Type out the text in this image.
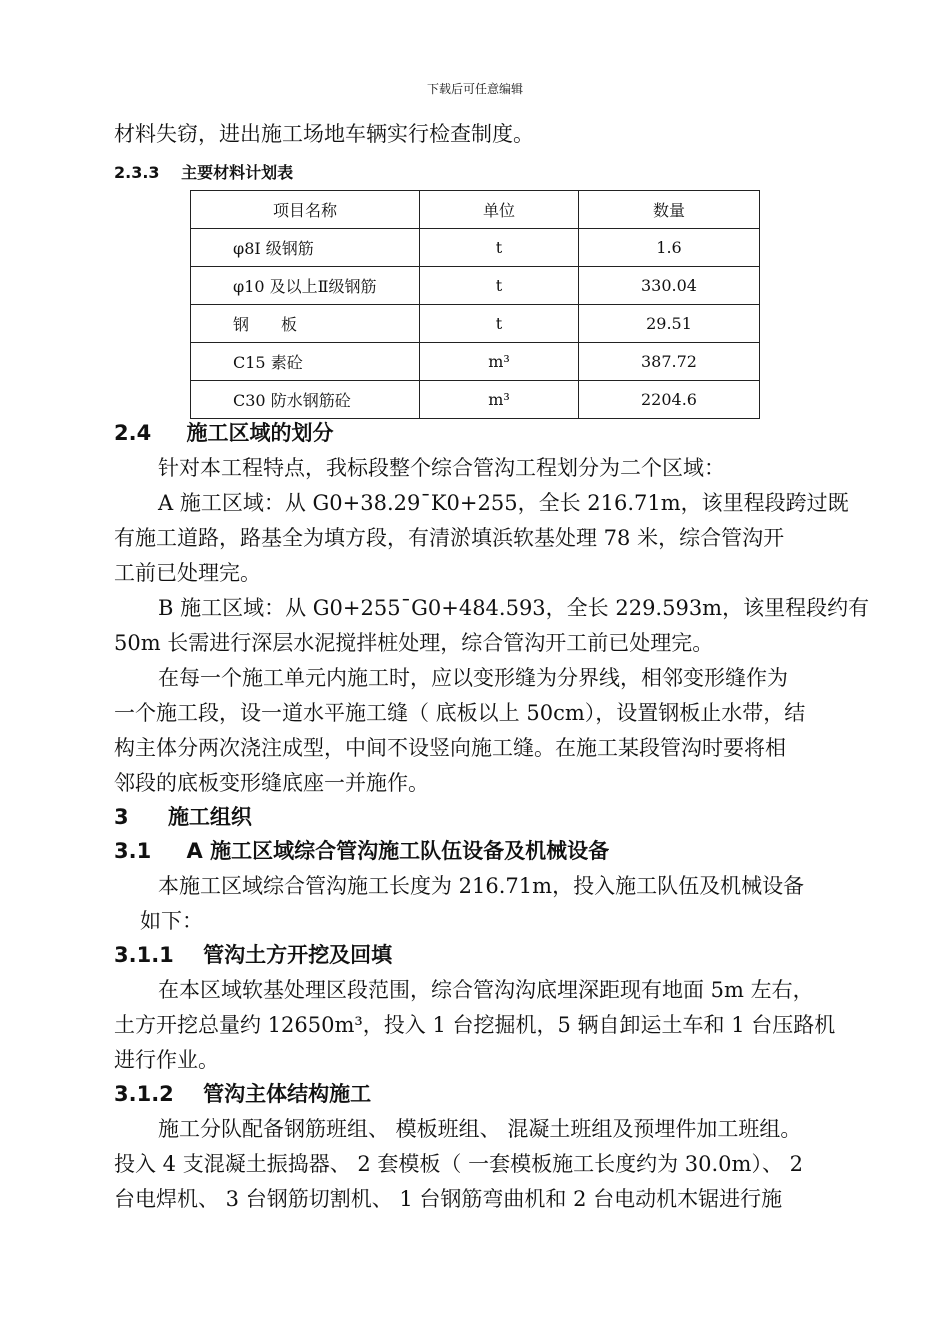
下载后可任意编辑
材料失窃，进出施工场地车辆实行检查制度。
2.3.3 主要材料计划表
项目名称	单位	数量
φ8Ⅰ 级钢筋	t	1.6
φ10 及以上Ⅱ级钢筋	t	330.04
钢　　板	t	29.51
C15 素砼	m³	387.72
C30 防水钢筋砼	m³	2204.6
2.4 施工区域的划分
针对本工程特点，我标段整个综合管沟工程划分为二个区域：
A 施工区域：从 G0+38.29¯K0+255，全长 216.71m，该里程段跨过既
有施工道路，路基全为填方段，有清淤填浜软基处理 78 米，综合管沟开
工前已处理完。
B 施工区域：从 G0+255¯G0+484.593，全长 229.593m，该里程段约有
50m 长需进行深层水泥搅拌桩处理，综合管沟开工前已处理完。
在每一个施工单元内施工时，应以变形缝为分界线，相邻变形缝作为
一个施工段，设一道水平施工缝（ 底板以上 50cm），设置钢板止水带，结
构主体分两次浇注成型，中间不设竖向施工缝。在施工某段管沟时要将相
邻段的底板变形缝底座一并施作。
3 施工组织
3.1 A 施工区域综合管沟施工队伍设备及机械设备
本施工区域综合管沟施工长度为 216.71m，投入施工队伍及机械设备
如下：
3.1.1 管沟土方开挖及回填
在本区域软基处理区段范围，综合管沟沟底埋深距现有地面 5m 左右，
土方开挖总量约 12650m³，投入 1 台挖掘机，5 辆自卸运土车和 1 台压路机
进行作业。
3.1.2 管沟主体结构施工
施工分队配备钢筋班组、 模板班组、 混凝土班组及预埋件加工班组。
投入 4 支混凝土振捣器、 2 套模板（ 一套模板施工长度约为 30.0m）、 2
台电焊机、 3 台钢筋切割机、 1 台钢筋弯曲机和 2 台电动机木锯进行施
